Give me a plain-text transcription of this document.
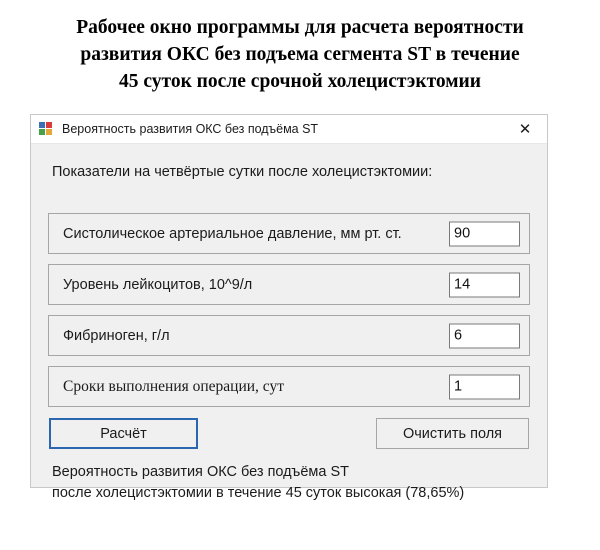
Рабочее окно программы для расчета вероятности
развития ОКС без подъема сегмента ST в течение
45 суток после срочной холецистэктомии
Вероятность развития ОКС без подъёма ST	✕
Показатели на четвёртые сутки после холецистэктомии:
Систолическое артериальное давление, мм рт. ст.
90
Уровень лейкоцитов, 10^9/л
14
Фибриноген, г/л
6
Сроки выполнения операции, сут
1
Расчёт	Очистить поля
Вероятность развития ОКС без подъёма ST
после холецистэктомии в течение 45 суток высокая (78,65%)
